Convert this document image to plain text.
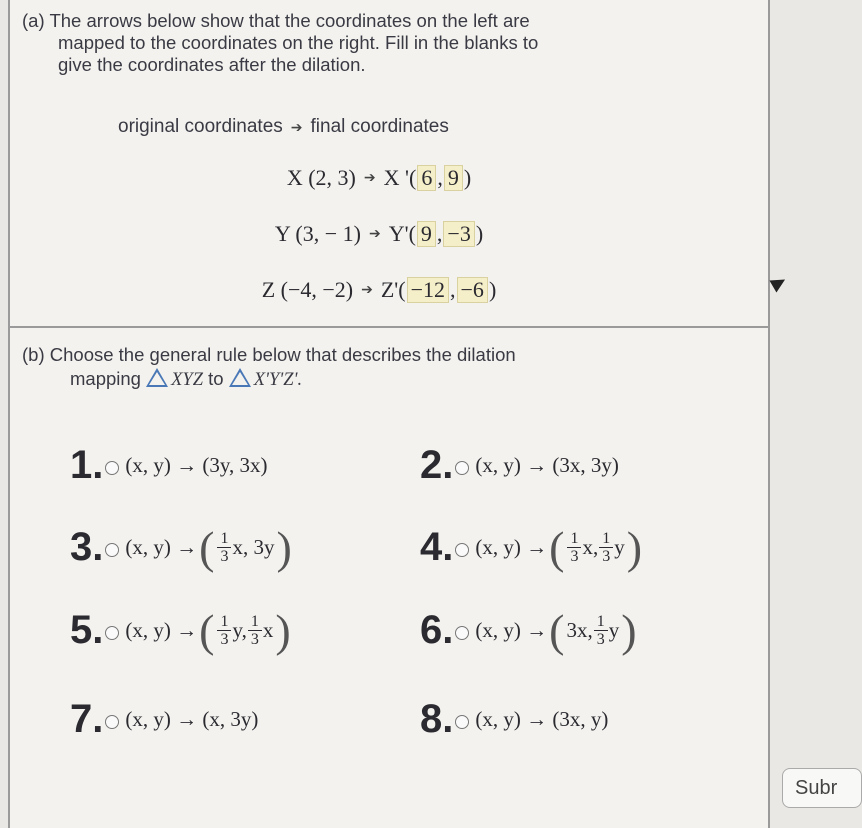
(a) The arrows below show that the coordinates on the left are
mapped to the coordinates on the right. Fill in the blanks to
give the coordinates after the dilation.
original coordinates ➔ final coordinates
X (2, 3) ➔ X '( 6 , 9 )
Y (3, − 1) ➔ Y'( 9 , −3 )
Z (−4, −2) ➔ Z'( −12 , −6 )
(b) Choose the general rule below that describes the dilation
mapping XYZ to X'Y'Z'.
1. (x, y) → (3y, 3x)	2. (x, y) → (3x, 3y)
3. (x, y) → ( $\frac{1}{3} x$, 3y )	4. (x, y) → ( $\frac{1}{3} x$, $\frac{1}{3}$ y )
5. (x, y) → ( $\frac{1}{3} y$, $\frac{1}{3}$ x )	6. (x, y) → ( 3x, $\frac{1}{3}$ y )
7. (x, y) → (x, 3y)	8. (x, y) → (3x, y)
Subr
